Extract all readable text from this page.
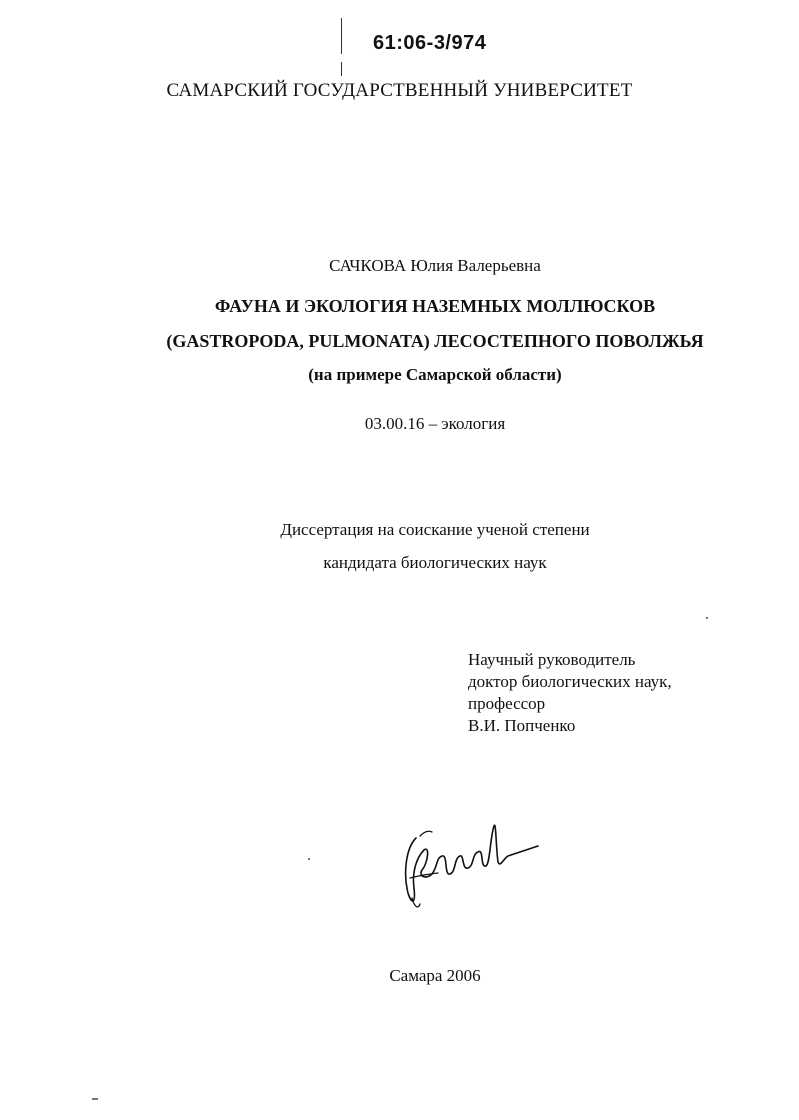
61:06-3/974
САМАРСКИЙ ГОСУДАРСТВЕННЫЙ УНИВЕРСИТЕТ
САЧКОВА Юлия Валерьевна
ФАУНА И ЭКОЛОГИЯ НАЗЕМНЫХ МОЛЛЮСКОВ
(GASTROPODA, PULMONATA) ЛЕСОСТЕПНОГО ПОВОЛЖЬЯ
(на примере Самарской области)
03.00.16 – экология
Диссертация на соискание ученой степени
кандидата биологических наук
Научный руководитель
доктор биологических наук,
профессор
В.И. Попченко
Самара 2006
